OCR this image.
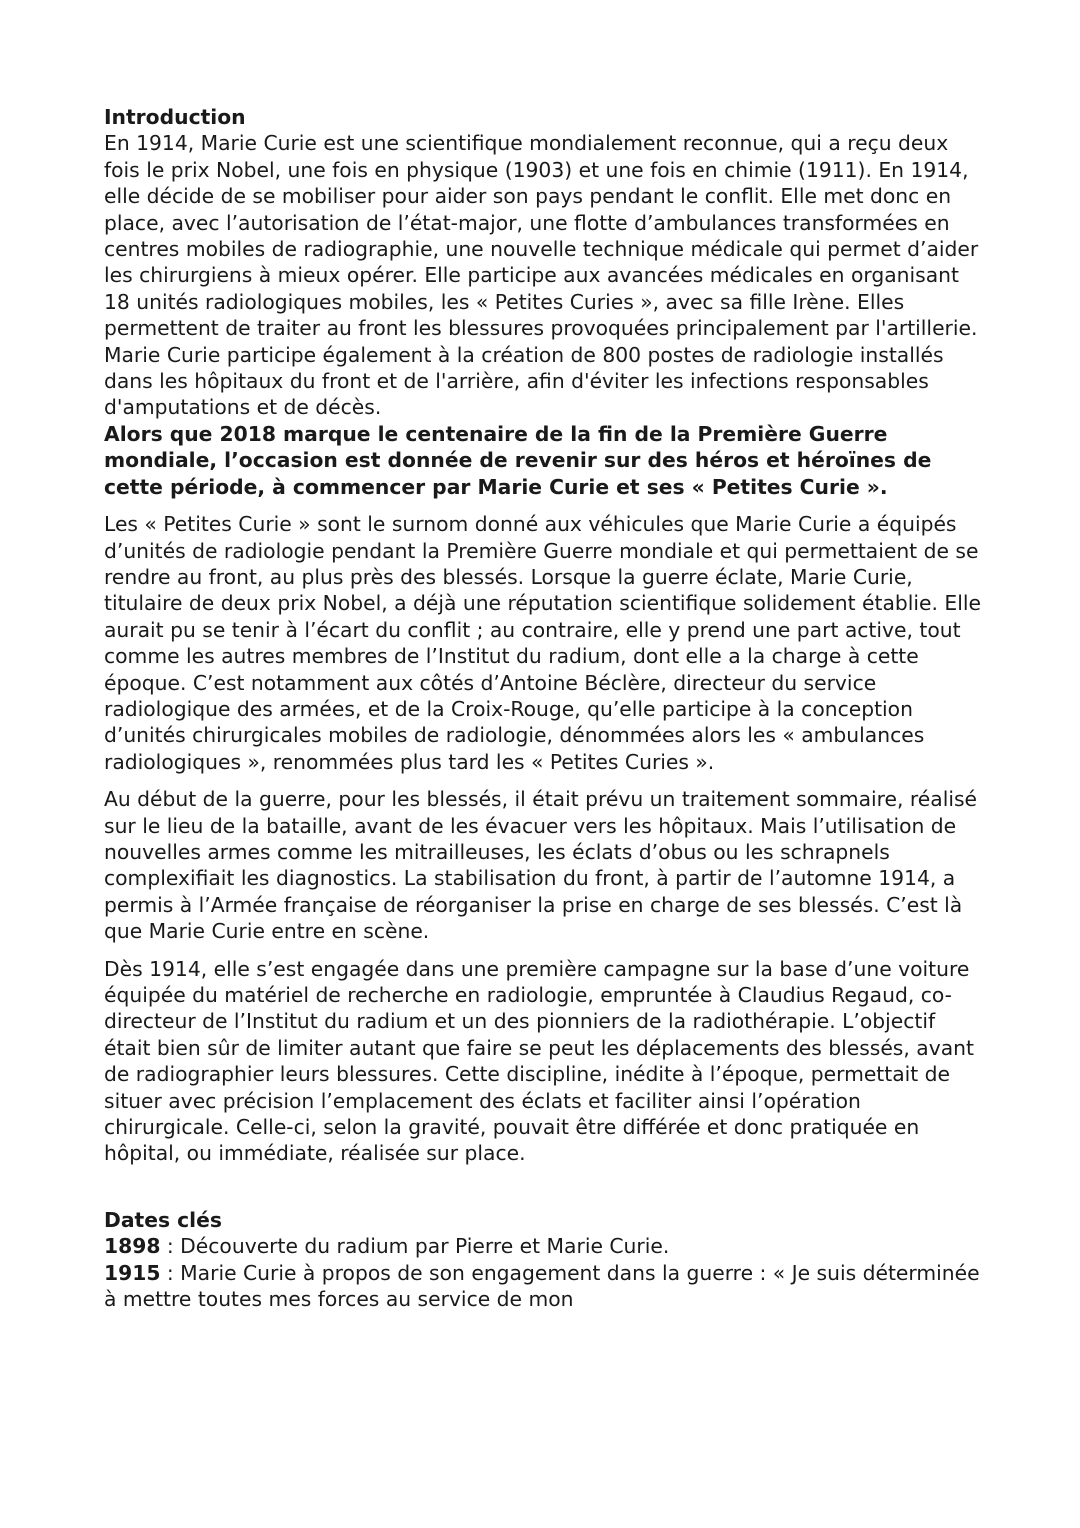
Introduction

En 1914, Marie Curie est une scientifique mondialement reconnue, qui a reçu deux fois le prix Nobel, une fois en physique (1903) et une fois en chimie (1911). En 1914, elle décide de se mobiliser pour aider son pays pendant le conflit. Elle met donc en place, avec l’autorisation de l’état-major, une flotte d’ambulances transformées en centres mobiles de radiographie, une nouvelle technique médicale qui permet d’aider les chirurgiens à mieux opérer. Elle participe aux avancées médicales en organisant 18 unités radiologiques mobiles, les « Petites Curies », avec sa fille Irène. Elles permettent de traiter au front les blessures provoquées principalement par l'artillerie. Marie Curie participe également à la création de 800 postes de radiologie installés dans les hôpitaux du front et de l'arrière, afin d'éviter les infections responsables d'amputations et de décès.

Alors que 2018 marque le centenaire de la fin de la Première Guerre mondiale, l’occasion est donnée de revenir sur des héros et héroïnes de cette période, à commencer par Marie Curie et ses « Petites Curie ».

Les « Petites Curie » sont le surnom donné aux véhicules que Marie Curie a équipés d’unités de radiologie pendant la Première Guerre mondiale et qui permettaient de se rendre au front, au plus près des blessés. Lorsque la guerre éclate, Marie Curie, titulaire de deux prix Nobel, a déjà une réputation scientifique solidement établie. Elle aurait pu se tenir à l’écart du conflit ; au contraire, elle y prend une part active, tout comme les autres membres de l’Institut du radium, dont elle a la charge à cette époque. C’est notamment aux côtés d’Antoine Béclère, directeur du service radiologique des armées, et de la Croix-Rouge, qu’elle participe à la conception d’unités chirurgicales mobiles de radiologie, dénommées alors les « ambulances radiologiques », renommées plus tard les « Petites Curies ».

Au début de la guerre, pour les blessés, il était prévu un traitement sommaire, réalisé sur le lieu de la bataille, avant de les évacuer vers les hôpitaux. Mais l’utilisation de nouvelles armes comme les mitrailleuses, les éclats d’obus ou les schrapnels complexifiait les diagnostics. La stabilisation du front, à partir de l’automne 1914, a permis à l’Armée française de réorganiser la prise en charge de ses blessés. C’est là que Marie Curie entre en scène.

Dès 1914, elle s’est engagée dans une première campagne sur la base d’une voiture équipée du matériel de recherche en radiologie, empruntée à Claudius Regaud, co-directeur de l’Institut du radium et un des pionniers de la radiothérapie. L’objectif était bien sûr de limiter autant que faire se peut les déplacements des blessés, avant de radiographier leurs blessures. Cette discipline, inédite à l’époque, permettait de situer avec précision l’emplacement des éclats et faciliter ainsi l’opération chirurgicale. Celle-ci, selon la gravité, pouvait être différée et donc pratiquée en hôpital, ou immédiate, réalisée sur place.

Dates clés

1898 : Découverte du radium par Pierre et Marie Curie.

1915 : Marie Curie à propos de son engagement dans la guerre : « Je suis déterminée à mettre toutes mes forces au service de mon
